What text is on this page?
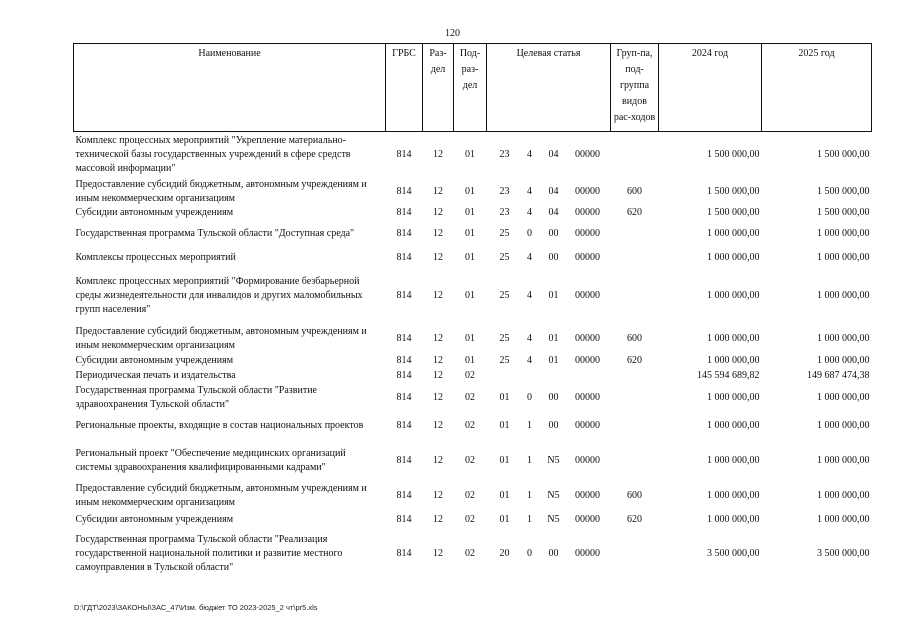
120
Наименование	ГРБС	Раз-дел	Под-раз-дел	Целевая статья	Груп-па, под-группа видов рас-ходов	2024 год	2025 год
Комплекс процессных мероприятий "Укрепление материально-технической базы государственных учреждений в сфере средств массовой информации"	814	12	01	23 4 04 00000		1 500 000,00	1 500 000,00
Предоставление субсидий бюджетным, автономным учреждениям и иным некоммерческим организациям	814	12	01	23 4 04 00000	600	1 500 000,00	1 500 000,00
Субсидии автономным учреждениям	814	12	01	23 4 04 00000	620	1 500 000,00	1 500 000,00
Государственная программа Тульской области "Доступная среда"	814	12	01	25 0 00 00000		1 000 000,00	1 000 000,00
Комплексы процессных мероприятий	814	12	01	25 4 00 00000		1 000 000,00	1 000 000,00
Комплекс процессных мероприятий "Формирование безбарьерной среды жизнедеятельности для инвалидов и других маломобильных групп населения"	814	12	01	25 4 01 00000		1 000 000,00	1 000 000,00
Предоставление субсидий бюджетным, автономным учреждениям и иным некоммерческим организациям	814	12	01	25 4 01 00000	600	1 000 000,00	1 000 000,00
Субсидии автономным учреждениям	814	12	01	25 4 01 00000	620	1 000 000,00	1 000 000,00
Периодическая печать и издательства	814	12	02			145 594 689,82	149 687 474,38
Государственная программа Тульской области "Развитие здравоохранения Тульской области"	814	12	02	01 0 00 00000		1 000 000,00	1 000 000,00
Региональные проекты, входящие в состав национальных проектов	814	12	02	01 1 00 00000		1 000 000,00	1 000 000,00
Региональный проект "Обеспечение медицинских организаций системы здравоохранения квалифицированными кадрами"	814	12	02	01 1 N5 00000		1 000 000,00	1 000 000,00
Предоставление субсидий бюджетным, автономным учреждениям и иным некоммерческим организациям	814	12	02	01 1 N5 00000	600	1 000 000,00	1 000 000,00
Субсидии автономным учреждениям	814	12	02	01 1 N5 00000	620	1 000 000,00	1 000 000,00
Государственная программа Тульской области "Реализация государственной национальной политики и развитие местного самоуправления в Тульской области"	814	12	02	20 0 00 00000		3 500 000,00	3 500 000,00
D:\ГДТ\2023\ЗАКОНЫ\ЗАС_47\Изм. бюджет ТО 2023-2025_2 чт\pr5.xls
